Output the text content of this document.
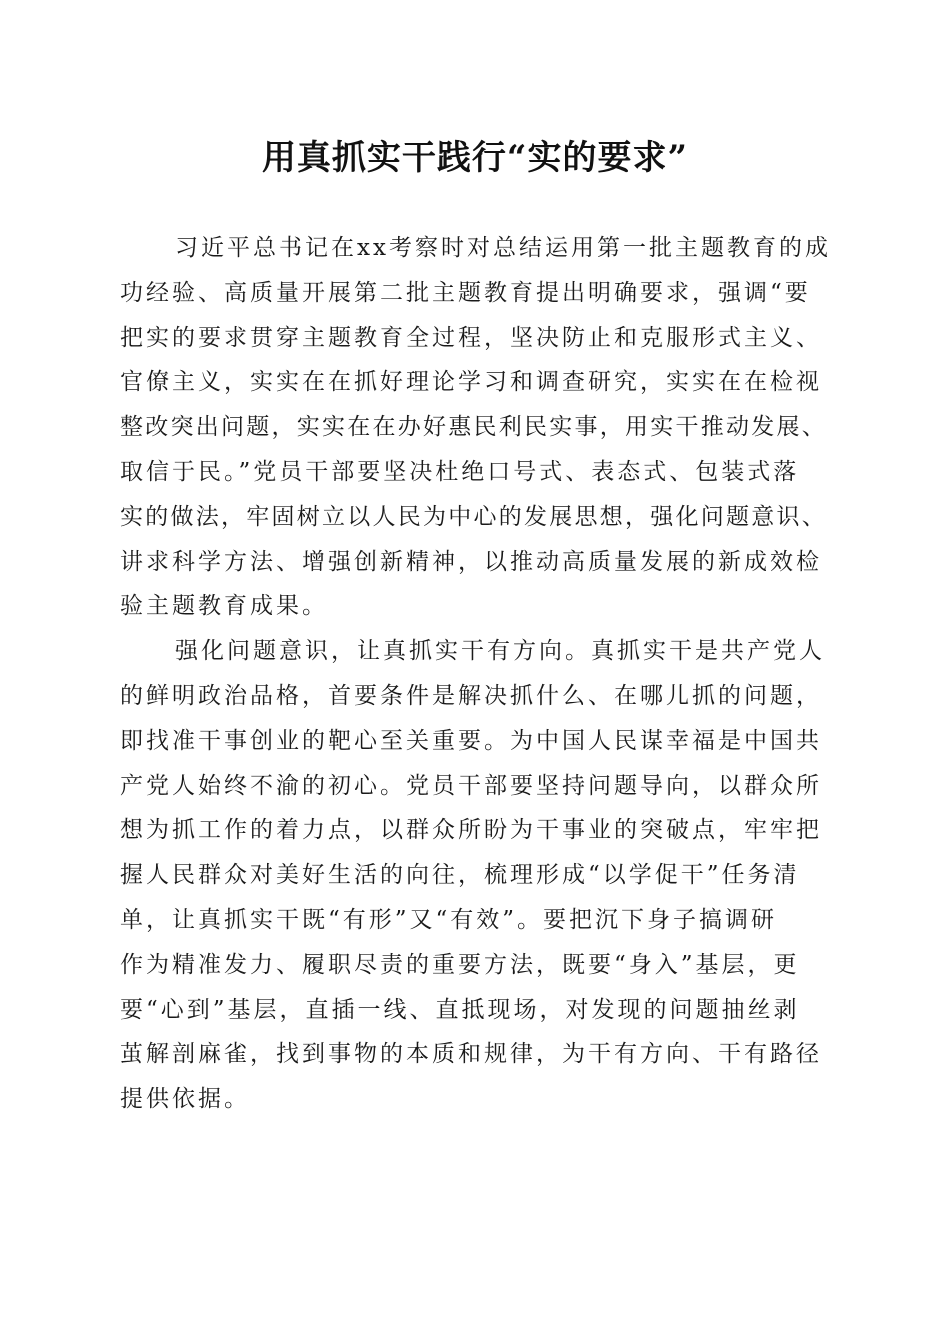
用真抓实干践行“实的要求”

习近平总书记在xx考察时对总结运用第一批主题教育的成
功经验、高质量开展第二批主题教育提出明确要求，强调“要
把实的要求贯穿主题教育全过程，坚决防止和克服形式主义、
官僚主义，实实在在抓好理论学习和调查研究，实实在在检视
整改突出问题，实实在在办好惠民利民实事，用实干推动发展、
取信于民。”党员干部要坚决杜绝口号式、表态式、包装式落
实的做法，牢固树立以人民为中心的发展思想，强化问题意识、
讲求科学方法、增强创新精神，以推动高质量发展的新成效检
验主题教育成果。

强化问题意识，让真抓实干有方向。真抓实干是共产党人
的鲜明政治品格，首要条件是解决抓什么、在哪儿抓的问题，
即找准干事创业的靶心至关重要。为中国人民谋幸福是中国共
产党人始终不渝的初心。党员干部要坚持问题导向，以群众所
想为抓工作的着力点，以群众所盼为干事业的突破点，牢牢把
握人民群众对美好生活的向往，梳理形成“以学促干”任务清
单，让真抓实干既“有形”又“有效”。要把沉下身子搞调研
作为精准发力、履职尽责的重要方法，既要“身入”基层，更
要“心到”基层，直插一线、直抵现场，对发现的问题抽丝剥
茧解剖麻雀，找到事物的本质和规律，为干有方向、干有路径
提供依据。
